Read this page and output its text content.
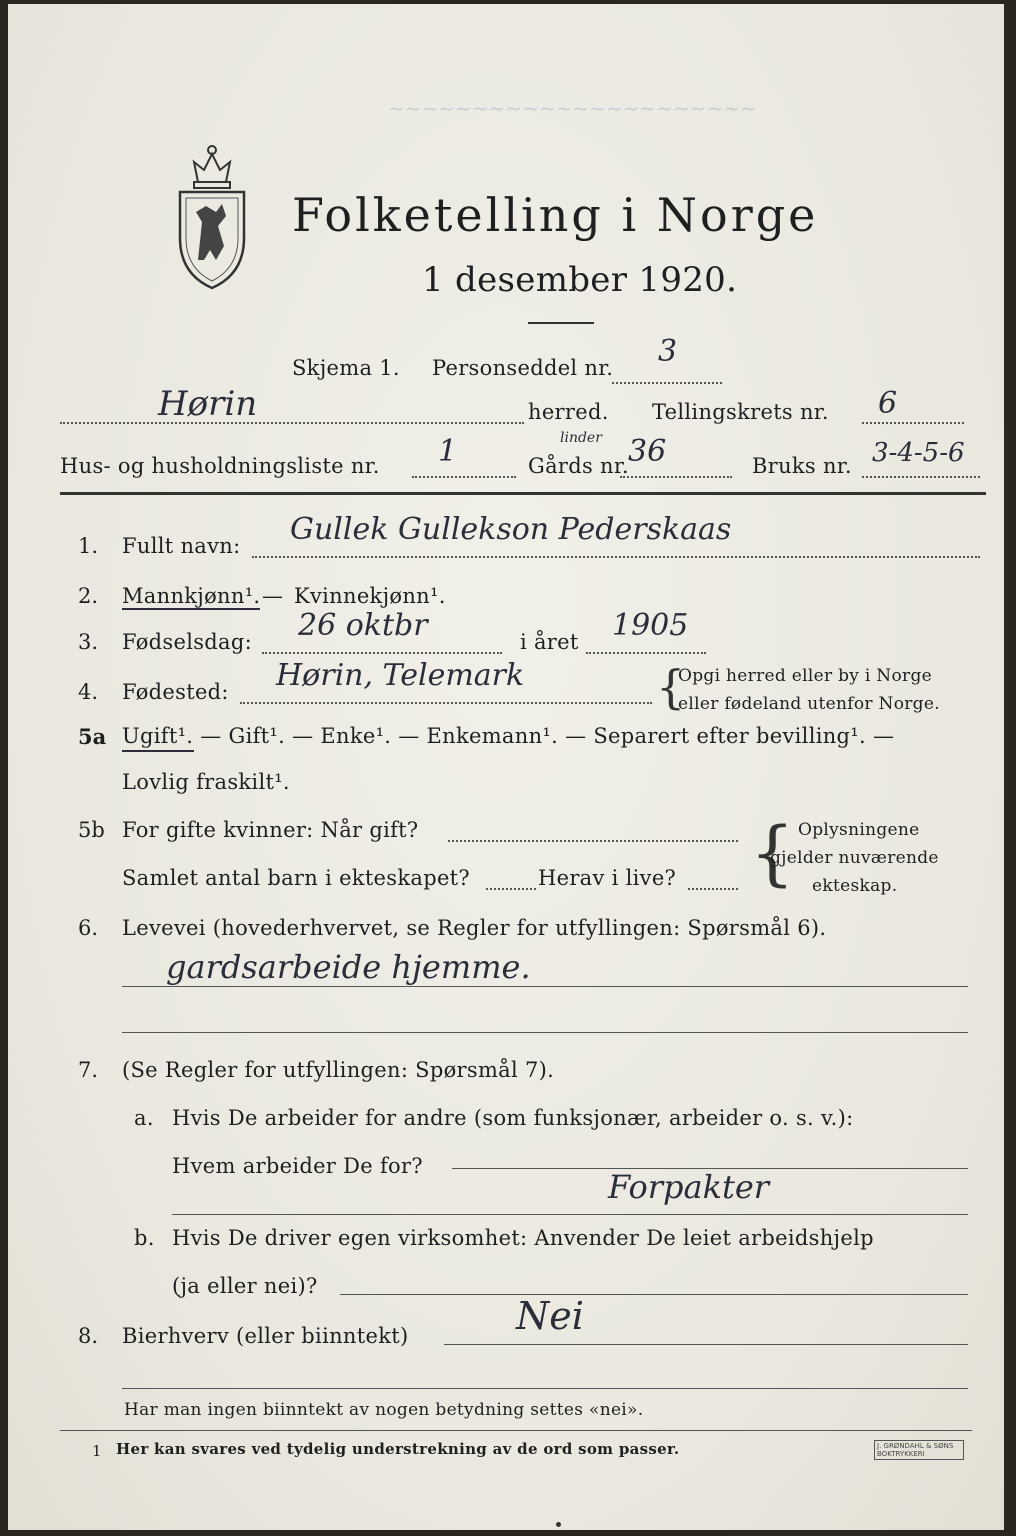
~~~~~~~~~~~~~~~~~~~~~~
Folketelling i Norge
1 desember 1920.
Skjema 1. Personseddel nr. 3
Hørin	herred. Tellingskrets nr. 6
Hus- og husholdningsliste nr. 1	linder
Gårds nr. 36	Bruks nr. 3-4-5-6
1. Fullt navn: Gullek Gullekson Pederskaas
2. Mannkjønn¹. — Kvinnekjønn¹.
3. Fødselsdag: 26 oktbr	i året 1905
4. Fødested: Hørin, Telemark	{
Opgi herred eller by i Norge
eller fødeland utenfor Norge.
5a Ugift¹. — Gift¹. — Enke¹. — Enkemann¹. — Separert efter bevilling¹. —
Lovlig fraskilt¹.
5b For gifte kvinner: Når gift?
Samlet antal barn i ekteskapet?	Herav i live? { Oplysningene
gjelder nuværende
ekteskap.
6. Levevei (hovederhvervet, se Regler for utfyllingen: Spørsmål 6).
gardsarbeide hjemme.
7. (Se Regler for utfyllingen: Spørsmål 7).
a. Hvis De arbeider for andre (som funksjonær, arbeider o. s. v.):
Hvem arbeider De for?
Forpakter
b. Hvis De driver egen virksomhet: Anvender De leiet arbeidshjelp
(ja eller nei)?
8. Bierhverv (eller biinntekt)	Nei
Har man ingen biinntekt av nogen betydning settes «nei».
1 Her kan svares ved tydelig understrekning av de ord som passer.	J. GRØNDAHL & SØNS BOKTRYKKERI
